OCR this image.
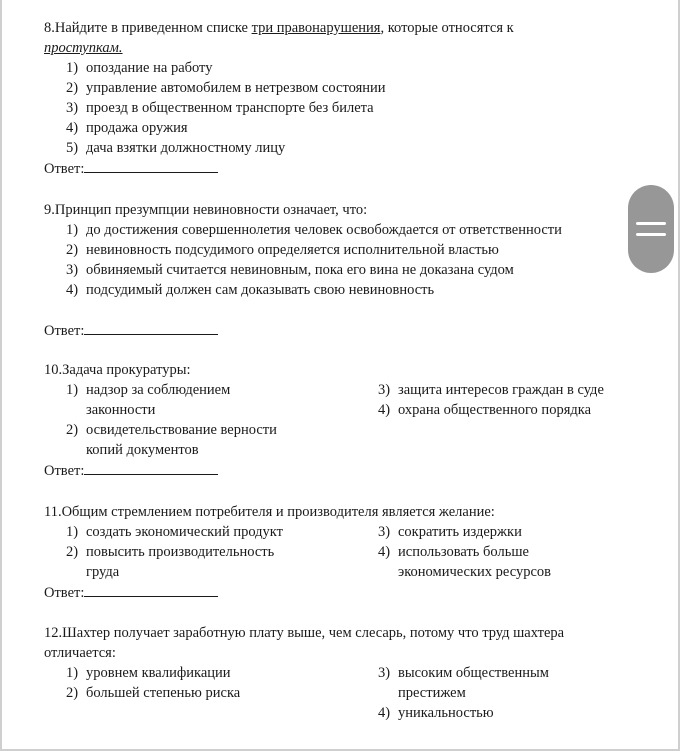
8.Найдите в приведенном списке три правонарушения, которые относятся к
проступкам.

1) опоздание на работу
2) управление автомобилем в нетрезвом состоянии
3) проезд в общественном транспорте без билета
4) продажа оружия
5) дача взятки должностному лицу

Ответ:

9.Принцип презумпции невиновности означает, что:

1) до достижения совершеннолетия человек освобождается от ответственности
2) невиновность подсудимого определяется исполнительной властью
3) обвиняемый считается невиновным, пока его вина не доказана судом
4) подсудимый должен сам доказывать свою невиновность

Ответ:

10.Задача прокуратуры:

1) надзор за соблюдением законности
2) освидетельствование верности копий документов
3) защита интересов граждан в суде
4) охрана общественного порядка

Ответ:

11.Общим стремлением потребителя и производителя является желание:

1) создать экономический продукт
2) повысить производительность груда
3) сократить издержки
4) использовать больше экономических ресурсов

Ответ:

12.Шахтер получает заработную плату выше, чем слесарь, потому что труд шахтера отличается:

1) уровнем квалификации
2) большей степенью риска
3) высоким общественным престижем
4) уникальностью
